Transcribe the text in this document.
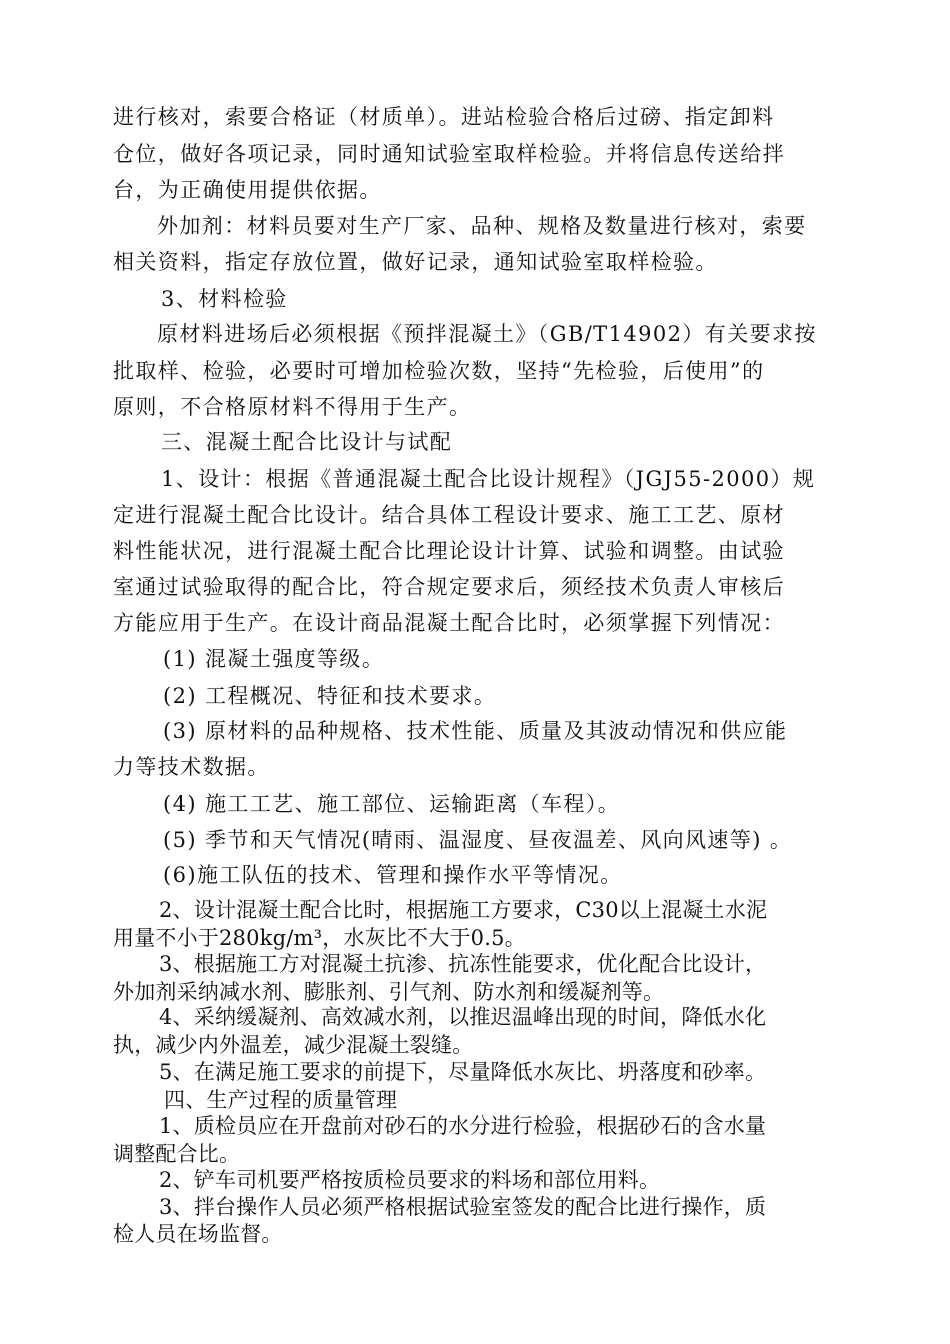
进行核对，索要合格证（材质单）。进站检验合格后过磅、指定卸料
仓位，做好各项记录，同时通知试验室取样检验。并将信息传送给拌
台，为正确使用提供依据。
外加剂：材料员要对生产厂家、品种、规格及数量进行核对，索要
相关资料，指定存放位置，做好记录，通知试验室取样检验。
3、材料检验
原材料进场后必须根据《预拌混凝土》（GB/T14902）有关要求按
批取样、检验，必要时可增加检验次数，坚持“先检验，后使用”的
原则，不合格原材料不得用于生产。
三、混凝土配合比设计与试配
1、设计：根据《普通混凝土配合比设计规程》（JGJ55-2000）规
定进行混凝土配合比设计。结合具体工程设计要求、施工工艺、原材
料性能状况，进行混凝土配合比理论设计计算、试验和调整。由试验
室通过试验取得的配合比，符合规定要求后，须经技术负责人审核后
方能应用于生产。在设计商品混凝土配合比时，必须掌握下列情况：
(1) 混凝土强度等级。
(2) 工程概况、特征和技术要求。
(3) 原材料的品种规格、技术性能、质量及其波动情况和供应能
力等技术数据。
(4) 施工工艺、施工部位、运输距离（车程）。
(5) 季节和天气情况(晴雨、温湿度、昼夜温差、风向风速等) 。
(6)施工队伍的技术、管理和操作水平等情况。
2、设计混凝土配合比时，根据施工方要求，C30以上混凝土水泥
用量不小于280kg/m³，水灰比不大于0.5。
3、根据施工方对混凝土抗渗、抗冻性能要求，优化配合比设计，
外加剂采纳减水剂、膨胀剂、引气剂、防水剂和缓凝剂等。
4、采纳缓凝剂、高效减水剂，以推迟温峰出现的时间，降低水化
执，减少内外温差，减少混凝土裂缝。
5、在满足施工要求的前提下，尽量降低水灰比、坍落度和砂率。
四、生产过程的质量管理
1、质检员应在开盘前对砂石的水分进行检验，根据砂石的含水量
调整配合比。
2、铲车司机要严格按质检员要求的料场和部位用料。
3、拌台操作人员必须严格根据试验室签发的配合比进行操作，质
检人员在场监督。
